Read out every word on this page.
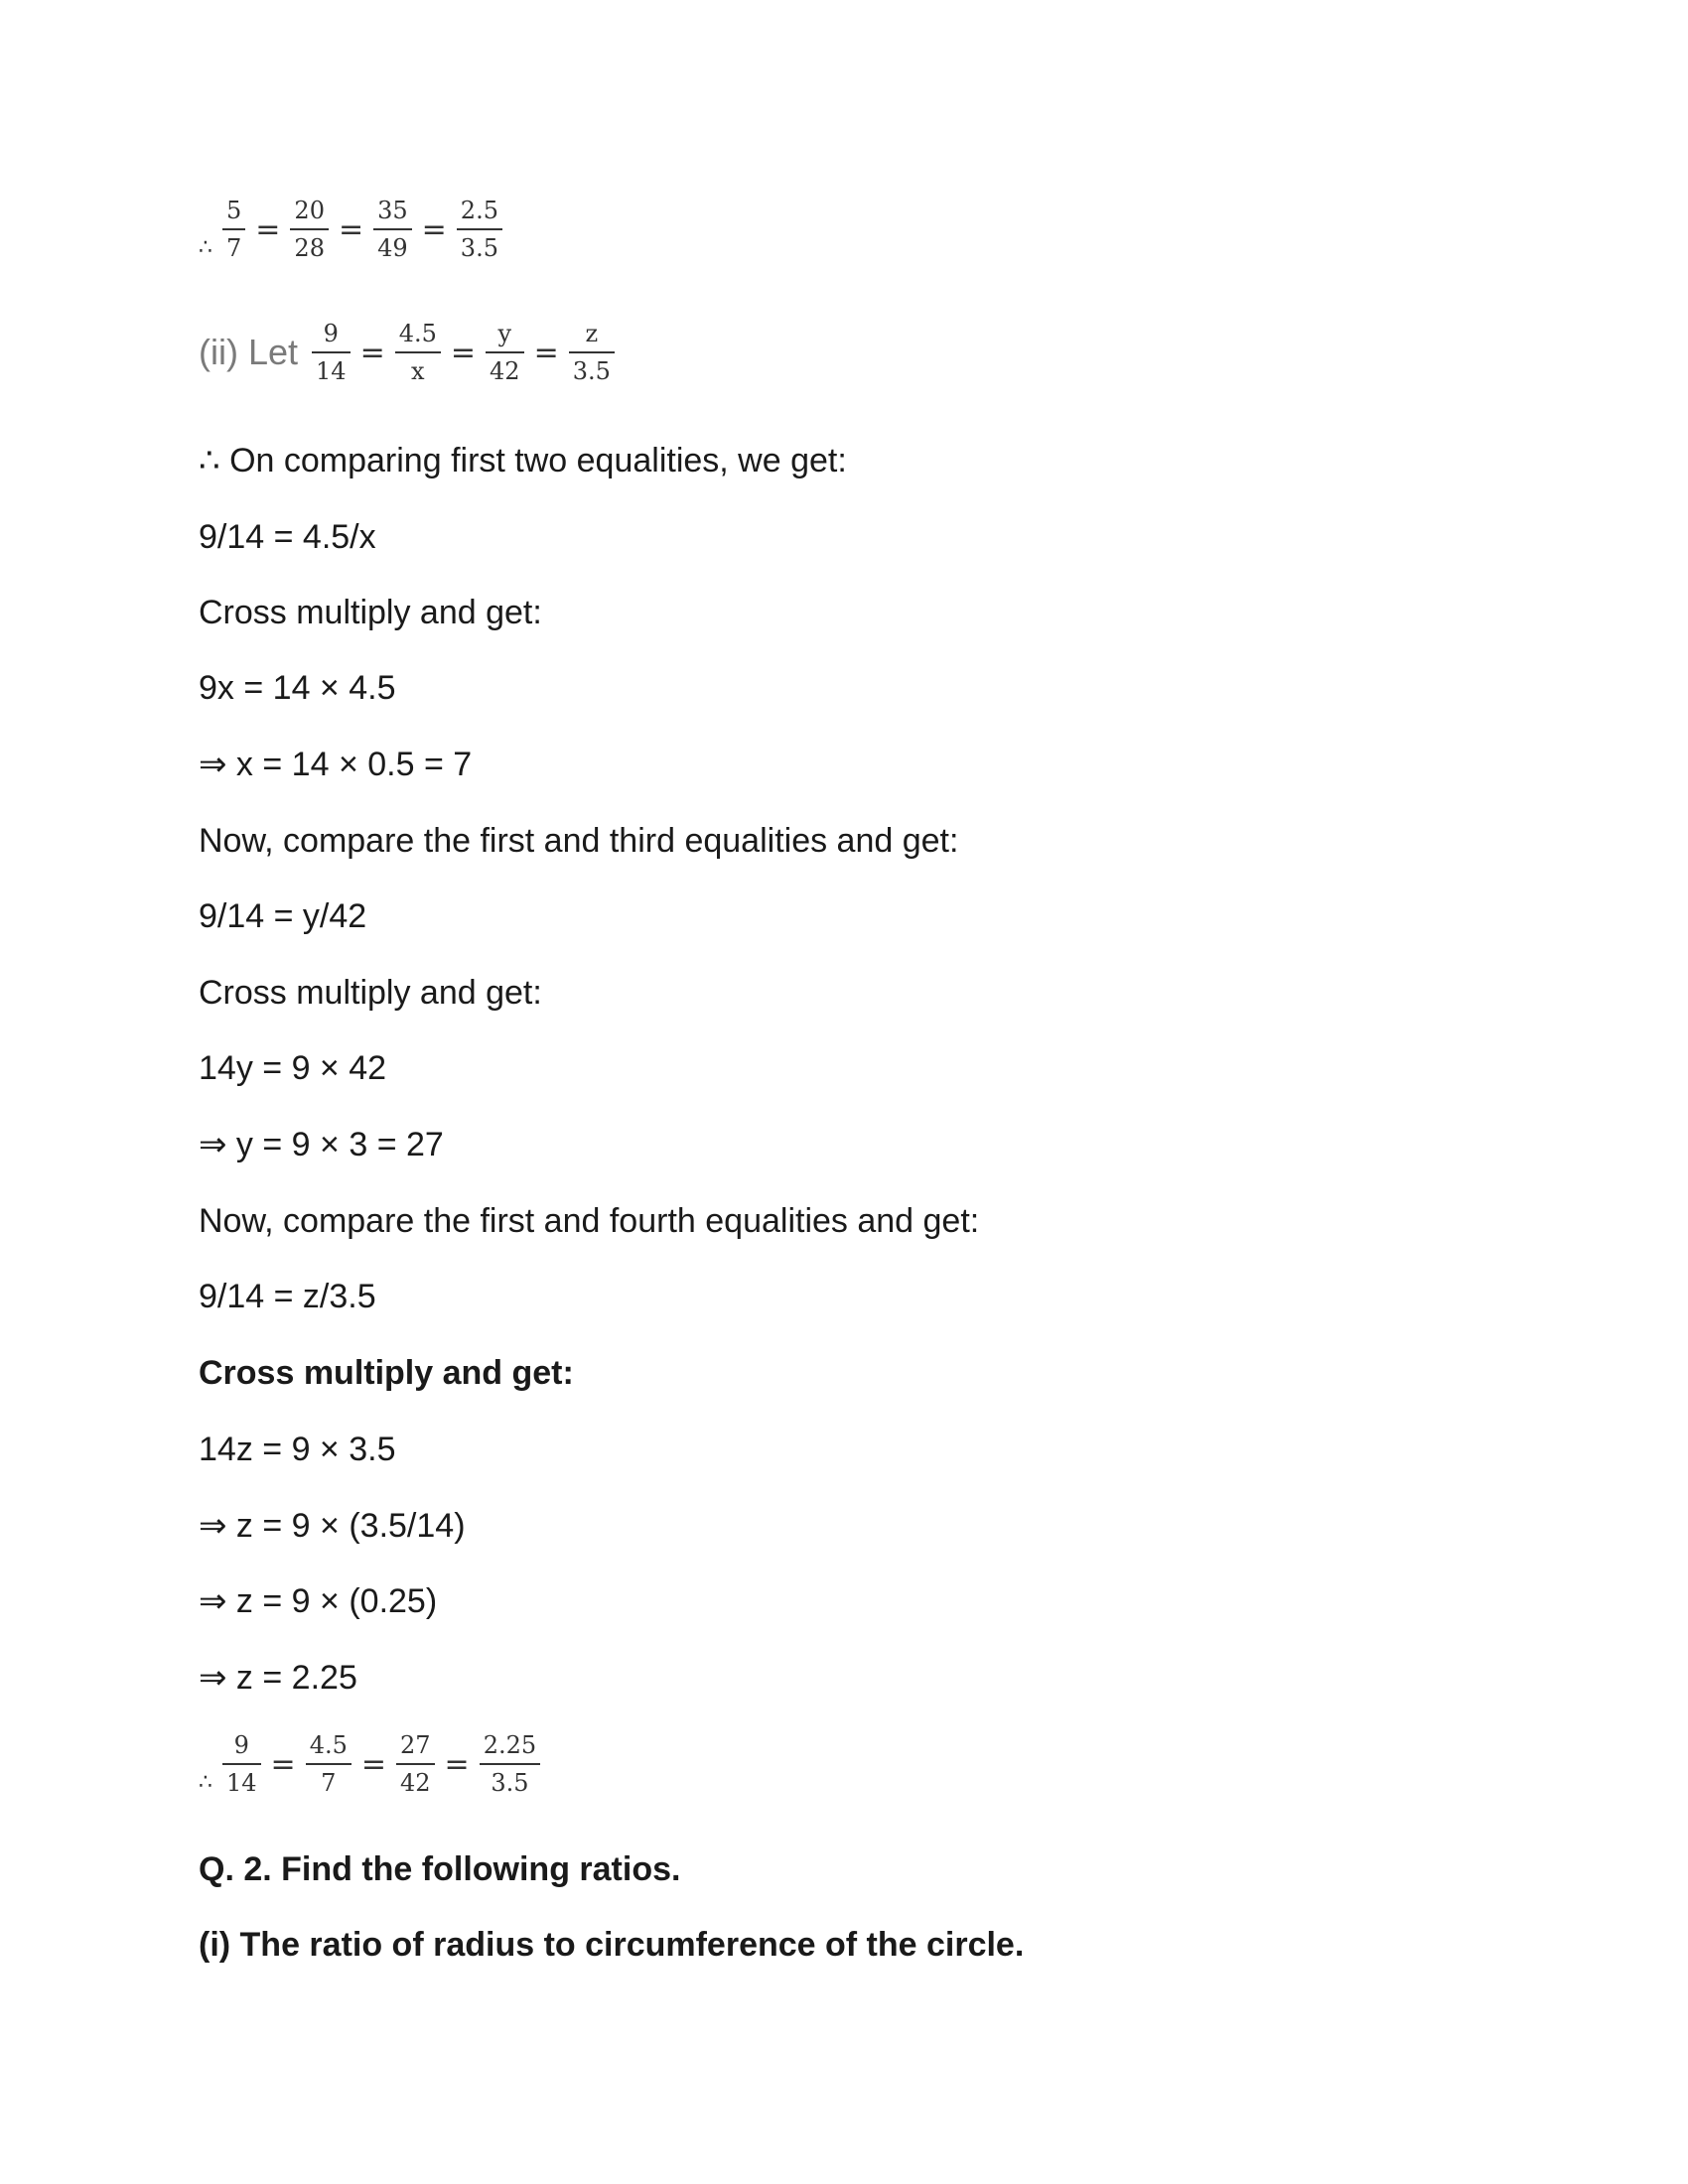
∴ $\frac{5}{7} = \frac{20}{28} = \frac{35}{49} = \frac{2.5}{3.5}$
(ii) Let $\frac{9}{14} = \frac{4.5}{x} = \frac{y}{42} = \frac{z}{3.5}$
∴ On comparing first two equalities, we get:
9/14 = 4.5/x
Cross multiply and get:
9x = 14 × 4.5
⇒ x = 14 × 0.5 = 7
Now, compare the first and third equalities and get:
9/14 = y/42
Cross multiply and get:
14y = 9 × 42
⇒ y = 9 × 3 = 27
Now, compare the first and fourth equalities and get:
9/14 = z/3.5
Cross multiply and get:
14z = 9 × 3.5
⇒ z = 9 × (3.5/14)
⇒ z = 9 × (0.25)
⇒ z = 2.25
∴ $\frac{9}{14} = \frac{4.5}{7} = \frac{27}{42} = \frac{2.25}{3.5}$
Q. 2. Find the following ratios.
(i) The ratio of radius to circumference of the circle.
